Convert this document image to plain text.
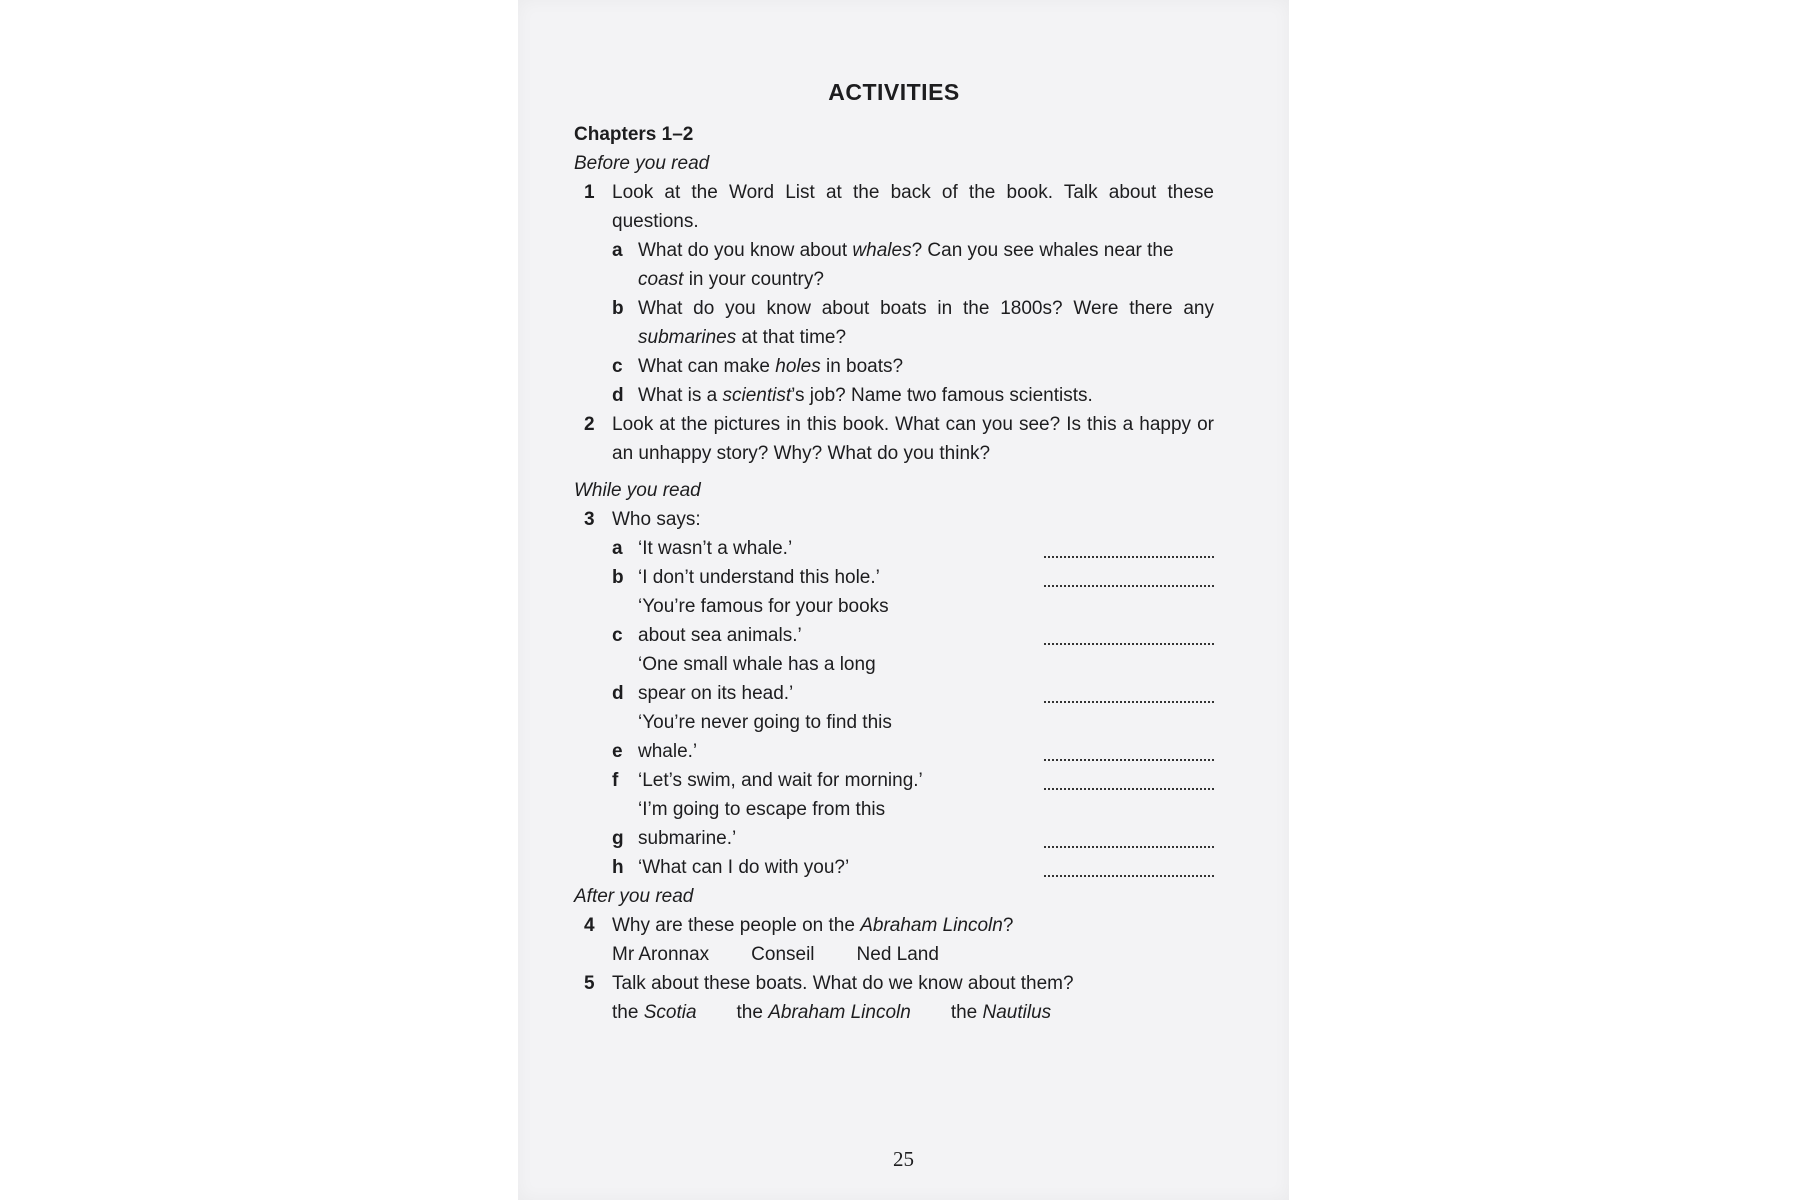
ACTIVITIES
Chapters 1–2
Before you read
1 Look at the Word List at the back of the book. Talk about these questions.
a What do you know about whales? Can you see whales near the coast in your country?
b What do you know about boats in the 1800s? Were there any submarines at that time?
c What can make holes in boats?
d What is a scientist’s job? Name two famous scientists.
2 Look at the pictures in this book. What can you see? Is this a happy or an unhappy story? Why? What do you think?
While you read
3 Who says:
a ‘It wasn’t a whale.’
b ‘I don’t understand this hole.’
c
‘You’re famous for your books
about sea animals.’
d
‘One small whale has a long
spear on its head.’
e
‘You’re never going to find this
whale.’
f	‘Let’s swim, and wait for morning.’
g
‘I’m going to escape from this
submarine.’
h ‘What can I do with you?’
After you read
4 Why are these people on the Abraham Lincoln?
Mr Aronnax Conseil Ned Land
5 Talk about these boats. What do we know about them?
the Scotia the Abraham Lincoln the Nautilus
25
